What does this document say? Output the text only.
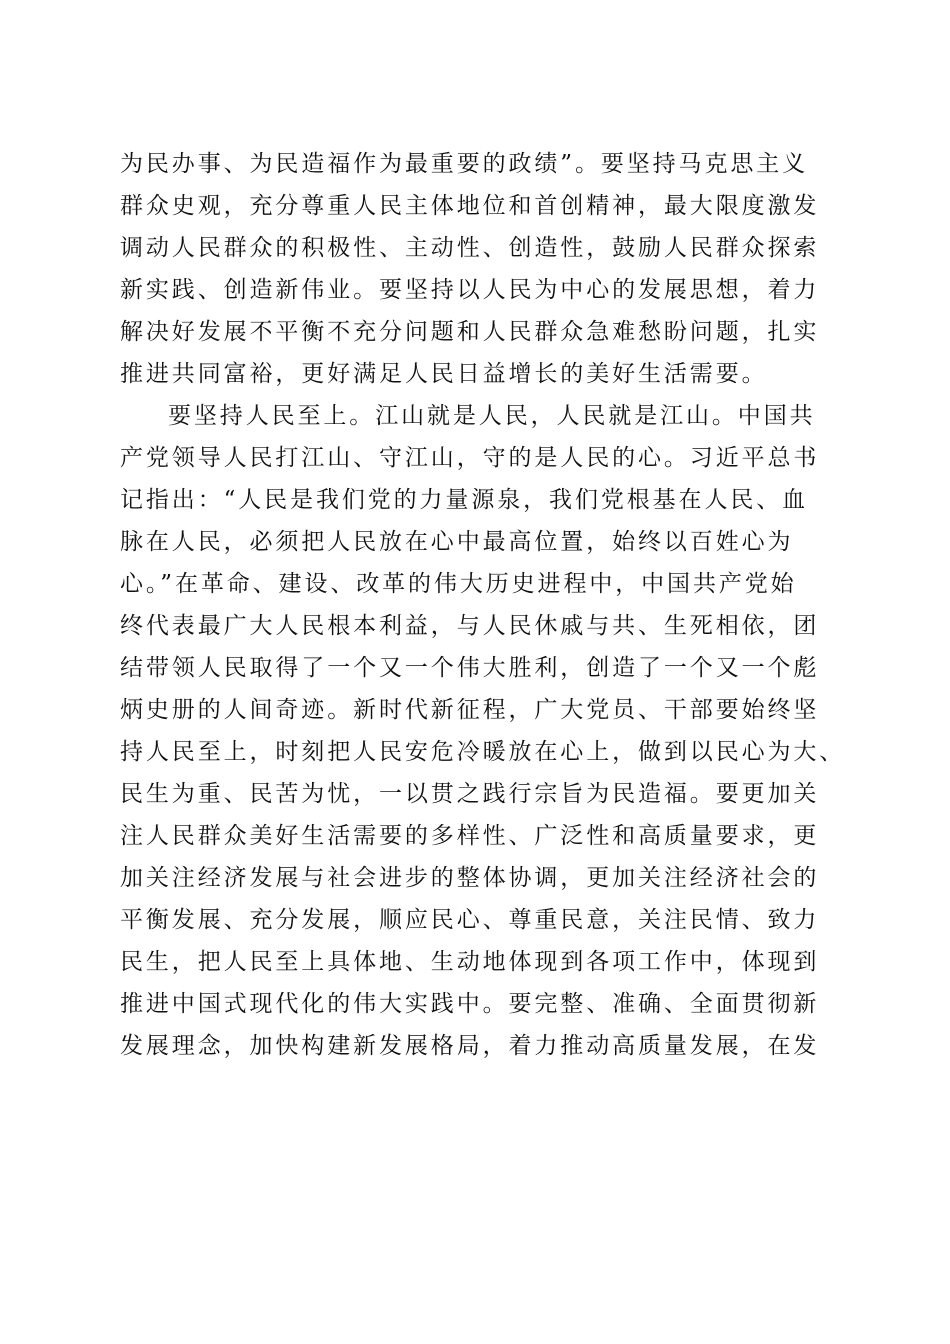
为民办事、为民造福作为最重要的政绩”。要坚持马克思主义
群众史观，充分尊重人民主体地位和首创精神，最大限度激发
调动人民群众的积极性、主动性、创造性，鼓励人民群众探索
新实践、创造新伟业。要坚持以人民为中心的发展思想，着力
解决好发展不平衡不充分问题和人民群众急难愁盼问题，扎实
推进共同富裕，更好满足人民日益增长的美好生活需要。
要坚持人民至上。江山就是人民，人民就是江山。中国共
产党领导人民打江山、守江山，守的是人民的心。习近平总书
记指出：“人民是我们党的力量源泉，我们党根基在人民、血
脉在人民，必须把人民放在心中最高位置，始终以百姓心为
心。”在革命、建设、改革的伟大历史进程中，中国共产党始
终代表最广大人民根本利益，与人民休戚与共、生死相依，团
结带领人民取得了一个又一个伟大胜利，创造了一个又一个彪
炳史册的人间奇迹。新时代新征程，广大党员、干部要始终坚
持人民至上，时刻把人民安危冷暖放在心上，做到以民心为大、
民生为重、民苦为忧，一以贯之践行宗旨为民造福。要更加关
注人民群众美好生活需要的多样性、广泛性和高质量要求，更
加关注经济发展与社会进步的整体协调，更加关注经济社会的
平衡发展、充分发展，顺应民心、尊重民意，关注民情、致力
民生，把人民至上具体地、生动地体现到各项工作中，体现到
推进中国式现代化的伟大实践中。要完整、准确、全面贯彻新
发展理念，加快构建新发展格局，着力推动高质量发展，在发
